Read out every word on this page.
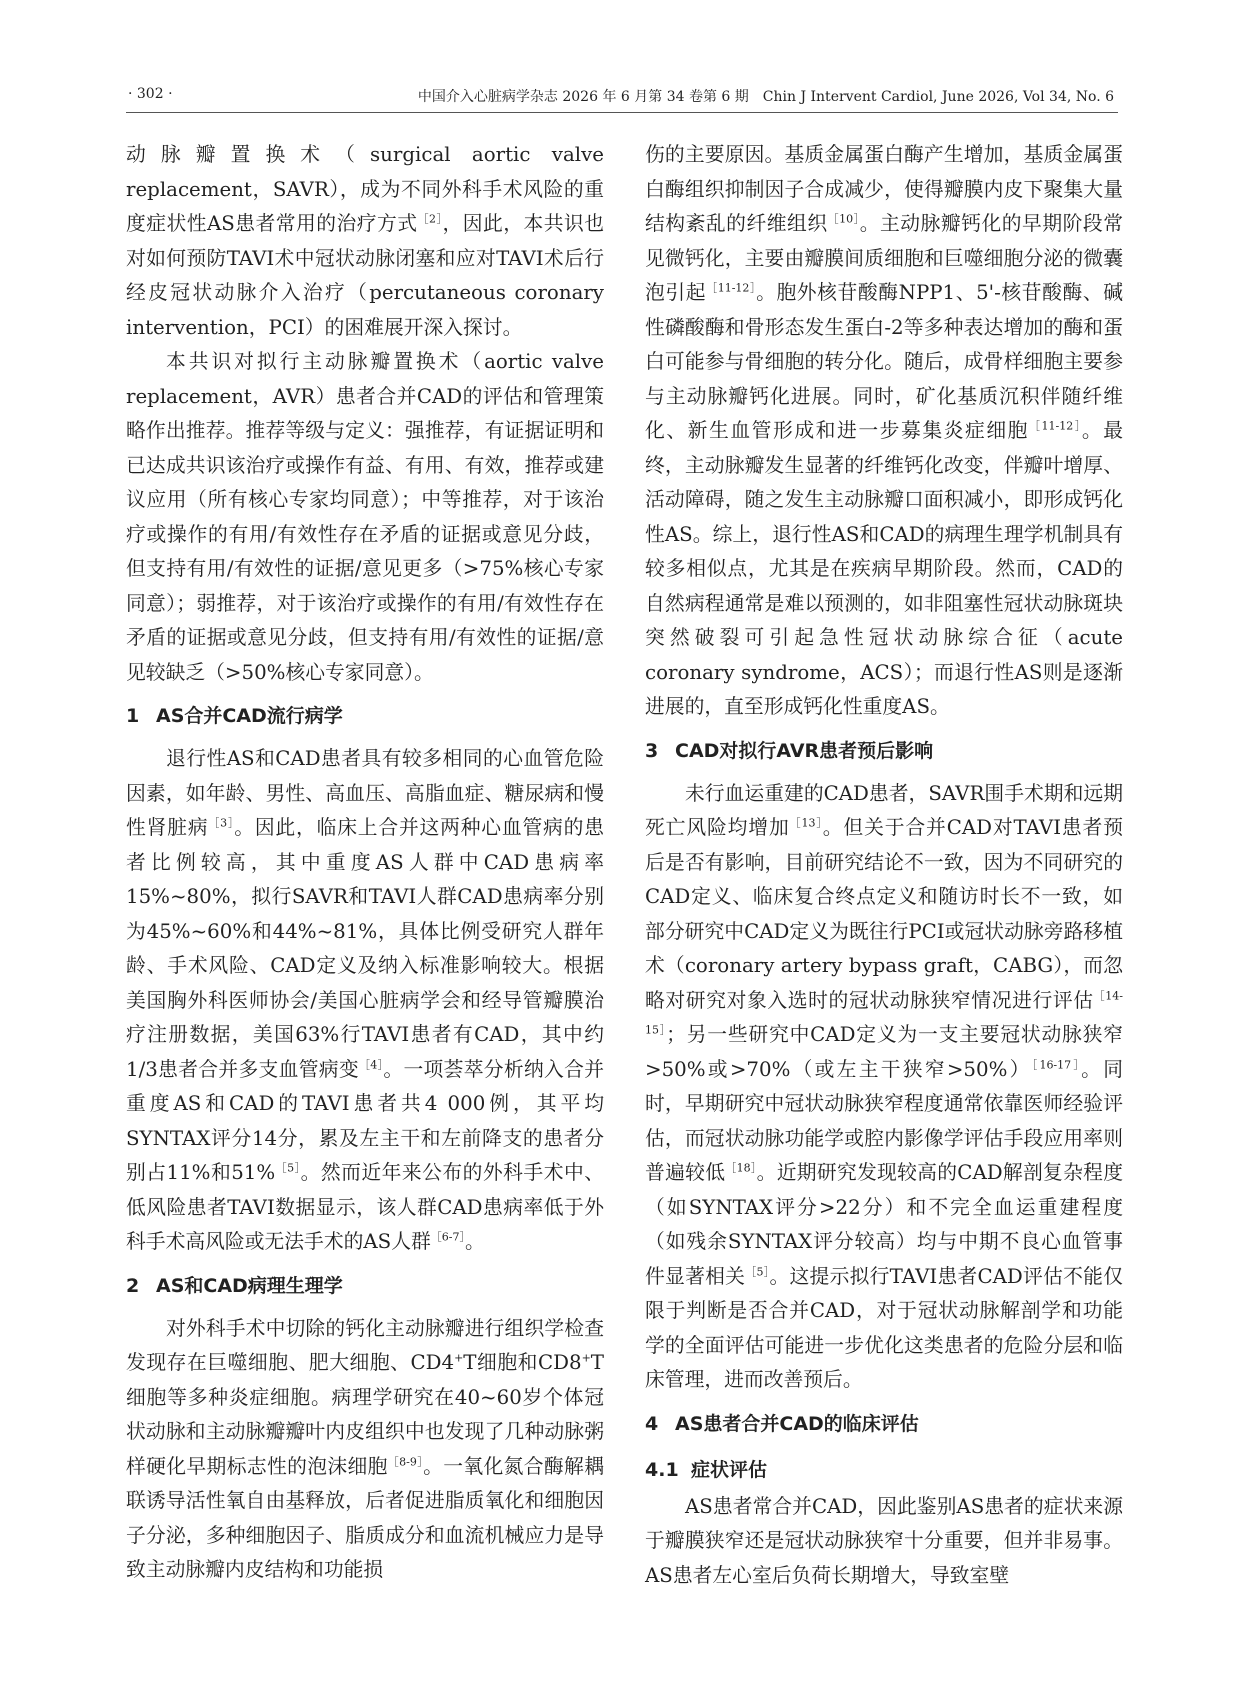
· 302 ·	中国介入心脏病学杂志 2026 年 6 月第 34 卷第 6 期　Chin J Intervent Cardiol, June 2026, Vol 34, No. 6

动脉瓣置换术（surgical aortic valve replacement，SAVR），成为不同外科手术风险的重度症状性AS患者常用的治疗方式$^{[2]}$，因此，本共识也对如何预防TAVI术中冠状动脉闭塞和应对TAVI术后行经皮冠状动脉介入治疗（percutaneous coronary intervention，PCI）的困难展开深入探讨。

本共识对拟行主动脉瓣置换术（aortic valve replacement，AVR）患者合并CAD的评估和管理策略作出推荐。推荐等级与定义：强推荐，有证据证明和已达成共识该治疗或操作有益、有用、有效，推荐或建议应用（所有核心专家均同意）；中等推荐，对于该治疗或操作的有用/有效性存在矛盾的证据或意见分歧，但支持有用/有效性的证据/意见更多（>75%核心专家同意）；弱推荐，对于该治疗或操作的有用/有效性存在矛盾的证据或意见分歧，但支持有用/有效性的证据/意见较缺乏（>50%核心专家同意）。

1 AS合并CAD流行病学

退行性AS和CAD患者具有较多相同的心血管危险因素，如年龄、男性、高血压、高脂血症、糖尿病和慢性肾脏病$^{[3]}$。因此，临床上合并这两种心血管病的患者比例较高，其中重度AS人群中CAD患病率15%~80%，拟行SAVR和TAVI人群CAD患病率分别为45%~60%和44%~81%，具体比例受研究人群年龄、手术风险、CAD定义及纳入标准影响较大。根据美国胸外科医师协会/美国心脏病学会和经导管瓣膜治疗注册数据，美国63%行TAVI患者有CAD，其中约1/3患者合并多支血管病变$^{[4]}$。一项荟萃分析纳入合并重度AS和CAD的TAVI患者共4 000例，其平均SYNTAX评分14分，累及左主干和左前降支的患者分别占11%和51%$^{[5]}$。然而近年来公布的外科手术中、低风险患者TAVI数据显示，该人群CAD患病率低于外科手术高风险或无法手术的AS人群$^{[6-7]}$。

2 AS和CAD病理生理学

对外科手术中切除的钙化主动脉瓣进行组织学检查发现存在巨噬细胞、肥大细胞、CD4+T细胞和CD8+T细胞等多种炎症细胞。病理学研究在40~60岁个体冠状动脉和主动脉瓣瓣叶内皮组织中也发现了几种动脉粥样硬化早期标志性的泡沫细胞$^{[8-9]}$。一氧化氮合酶解耦联诱导活性氧自由基释放，后者促进脂质氧化和细胞因子分泌，多种细胞因子、脂质成分和血流机械应力是导致主动脉瓣内皮结构和功能损

伤的主要原因。基质金属蛋白酶产生增加，基质金属蛋白酶组织抑制因子合成减少，使得瓣膜内皮下聚集大量结构紊乱的纤维组织$^{[10]}$。主动脉瓣钙化的早期阶段常见微钙化，主要由瓣膜间质细胞和巨噬细胞分泌的微囊泡引起$^{[11-12]}$。胞外核苷酸酶NPP1、5'-核苷酸酶、碱性磷酸酶和骨形态发生蛋白-2等多种表达增加的酶和蛋白可能参与骨细胞的转分化。随后，成骨样细胞主要参与主动脉瓣钙化进展。同时，矿化基质沉积伴随纤维化、新生血管形成和进一步募集炎症细胞$^{[11-12]}$。最终，主动脉瓣发生显著的纤维钙化改变，伴瓣叶增厚、活动障碍，随之发生主动脉瓣口面积减小，即形成钙化性AS。综上，退行性AS和CAD的病理生理学机制具有较多相似点，尤其是在疾病早期阶段。然而，CAD的自然病程通常是难以预测的，如非阻塞性冠状动脉斑块突然破裂可引起急性冠状动脉综合征（acute coronary syndrome，ACS）；而退行性AS则是逐渐进展的，直至形成钙化性重度AS。

3 CAD对拟行AVR患者预后影响

未行血运重建的CAD患者，SAVR围手术期和远期死亡风险均增加$^{[13]}$。但关于合并CAD对TAVI患者预后是否有影响，目前研究结论不一致，因为不同研究的CAD定义、临床复合终点定义和随访时长不一致，如部分研究中CAD定义为既往行PCI或冠状动脉旁路移植术（coronary artery bypass graft，CABG），而忽略对研究对象入选时的冠状动脉狭窄情况进行评估$^{[14-15]}$；另一些研究中CAD定义为一支主要冠状动脉狭窄>50%或>70%（或左主干狭窄>50%）$^{[16-17]}$。同时，早期研究中冠状动脉狭窄程度通常依靠医师经验评估，而冠状动脉功能学或腔内影像学评估手段应用率则普遍较低$^{[18]}$。近期研究发现较高的CAD解剖复杂程度（如SYNTAX评分>22分）和不完全血运重建程度（如残余SYNTAX评分较高）均与中期不良心血管事件显著相关$^{[5]}$。这提示拟行TAVI患者CAD评估不能仅限于判断是否合并CAD，对于冠状动脉解剖学和功能学的全面评估可能进一步优化这类患者的危险分层和临床管理，进而改善预后。

4 AS患者合并CAD的临床评估
4.1 症状评估

AS患者常合并CAD，因此鉴别AS患者的症状来源于瓣膜狭窄还是冠状动脉狭窄十分重要，但并非易事。AS患者左心室后负荷长期增大，导致室壁
